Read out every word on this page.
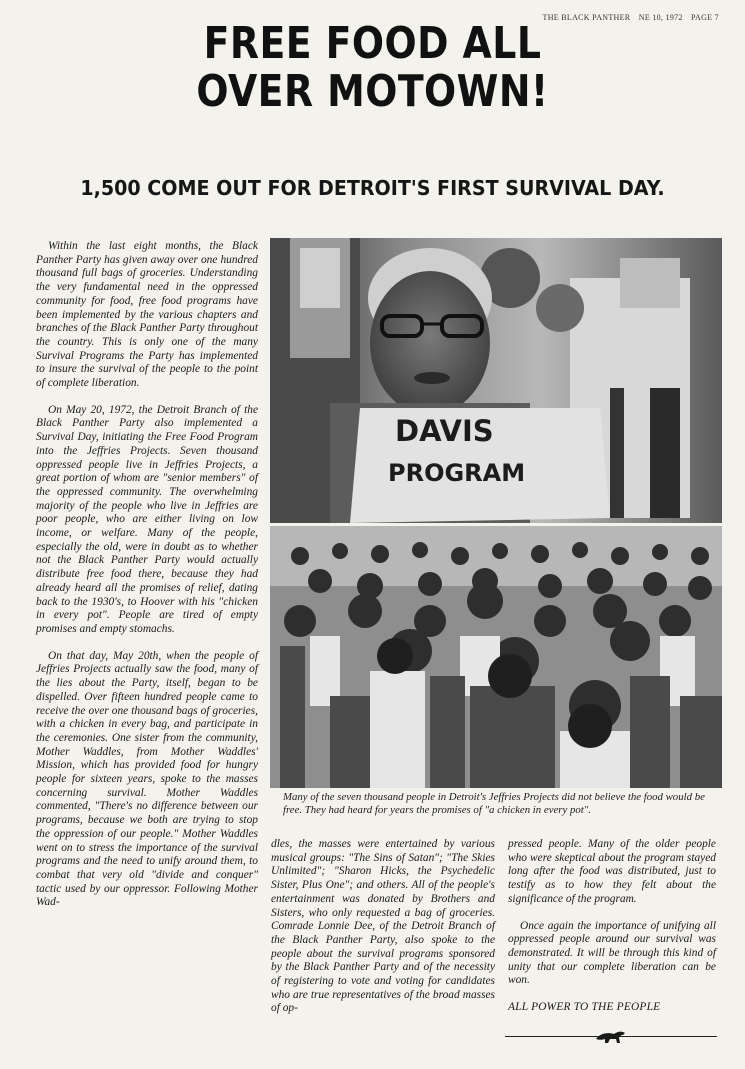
THE BLACK PANTHER NE 10, 1972 PAGE 7
FREE FOOD ALL
OVER MOTOWN!
1,500 COME OUT FOR DETROIT'S FIRST SURVIVAL DAY.

Within the last eight months, the Black Panther Party has given away over one hundred thousand full bags of groceries. Understanding the very fundamental need in the oppressed community for food, free food programs have been implemented by the various chapters and branches of the Black Panther Party throughout the country. This is only one of the many Survival Programs the Party has implemented to insure the survival of the people to the point of complete liberation.

On May 20, 1972, the Detroit Branch of the Black Panther Party also implemented a Survival Day, initiating the Free Food Program into the Jeffries Projects. Seven thousand oppressed people live in Jeffries Projects, a great portion of whom are "senior members" of the oppressed community. The overwhelming majority of the people who live in Jeffries are poor people, who are either living on low income, or welfare. Many of the people, especially the old, were in doubt as to whether not the Black Panther Party would actually distribute free food there, because they had already heard all the promises of relief, dating back to the 1930's, to Hoover with his "chicken in every pot". People are tired of empty promises and empty stomachs.

On that day, May 20th, when the people of Jeffries Projects actually saw the food, many of the lies about the Party, itself, began to be dispelled. Over fifteen hundred people came to receive the over one thousand bags of groceries, with a chicken in every bag, and participate in the ceremonies. One sister from the community, Mother Waddles, from Mother Waddles' Mission, which has provided food for hungry people for sixteen years, spoke to the masses concerning survival. Mother Waddles commented, "There's no difference between our programs, because we both are trying to stop the oppression of our people." Mother Waddles went on to stress the importance of the survival programs and the need to unify around them, to combat that very old "divide and conquer" tactic used by our oppressor. Following Mother Wad-

DAVIS
PROGRAM
Many of the seven thousand people in Detroit's Jeffries Projects did not believe the food would be free. They had heard for years the promises of "a chicken in every pot".

dles, the masses were entertained by various musical groups: "The Sins of Satan"; "The Skies Unlimited"; "Sharon Hicks, the Psychedelic Sister, Plus One"; and others. All of the people's entertainment was donated by Brothers and Sisters, who only requested a bag of groceries. Comrade Lonnie Dee, of the Detroit Branch of the Black Panther Party, also spoke to the people about the survival programs sponsored by the Black Panther Party and of the necessity of registering to vote and voting for candidates who are true representatives of the broad masses of op-

pressed people. Many of the older people who were skeptical about the program stayed long after the food was distributed, just to testify as to how they felt about the significance of the program.

Once again the importance of unifying all oppressed people around our survival was demonstrated. It will be through this kind of unity that our complete liberation can be won.

ALL POWER TO THE PEOPLE
